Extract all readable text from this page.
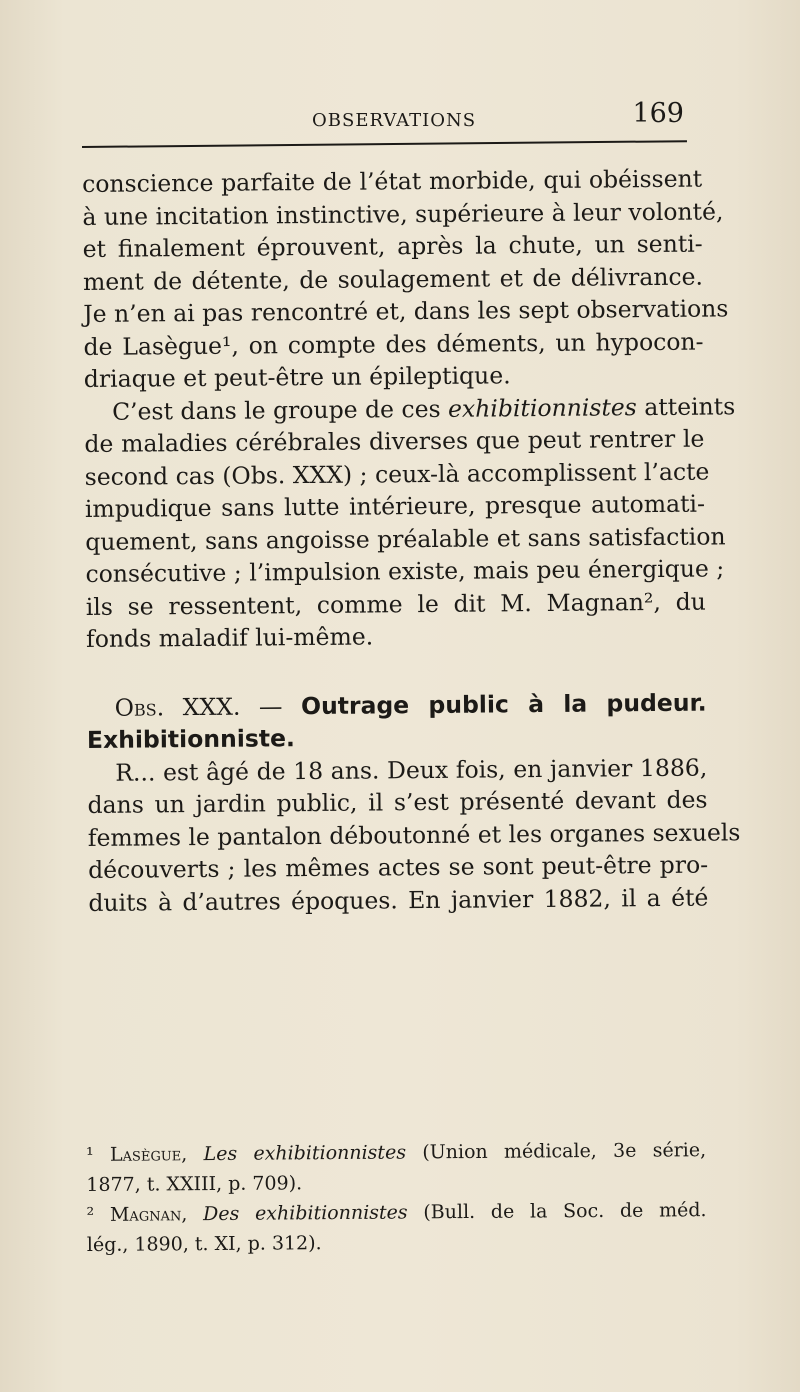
OBSERVATIONS	169
conscience parfaite de l’état morbide, qui obéissent
à une incitation instinctive, supérieure à leur volonté,
et finalement éprouvent, après la chute, un senti-
ment de détente, de soulagement et de délivrance.
Je n’en ai pas rencontré et, dans les sept observations
de Lasègue¹, on compte des déments, un hypocon-
driaque et peut-être un épileptique.
C’est dans le groupe de ces exhibitionnistes atteints
de maladies cérébrales diverses que peut rentrer le
second cas (Obs. XXX) ; ceux-là accomplissent l’acte
impudique sans lutte intérieure, presque automati-
quement, sans angoisse préalable et sans satisfaction
consécutive ; l’impulsion existe, mais peu énergique ;
ils se ressentent, comme le dit M. Magnan², du
fonds maladif lui-même.
Obs. XXX. — Outrage public à la pudeur.
Exhibitionniste.
R... est âgé de 18 ans. Deux fois, en janvier 1886,
dans un jardin public, il s’est présenté devant des
femmes le pantalon déboutonné et les organes sexuels
découverts ; les mêmes actes se sont peut-être pro-
duits à d’autres époques. En janvier 1882, il a été
¹ Lasègue, Les exhibitionnistes (Union médicale, 3e série,
1877, t. XXIII, p. 709).
² Magnan, Des exhibitionnistes (Bull. de la Soc. de méd.
lég., 1890, t. XI, p. 312).
